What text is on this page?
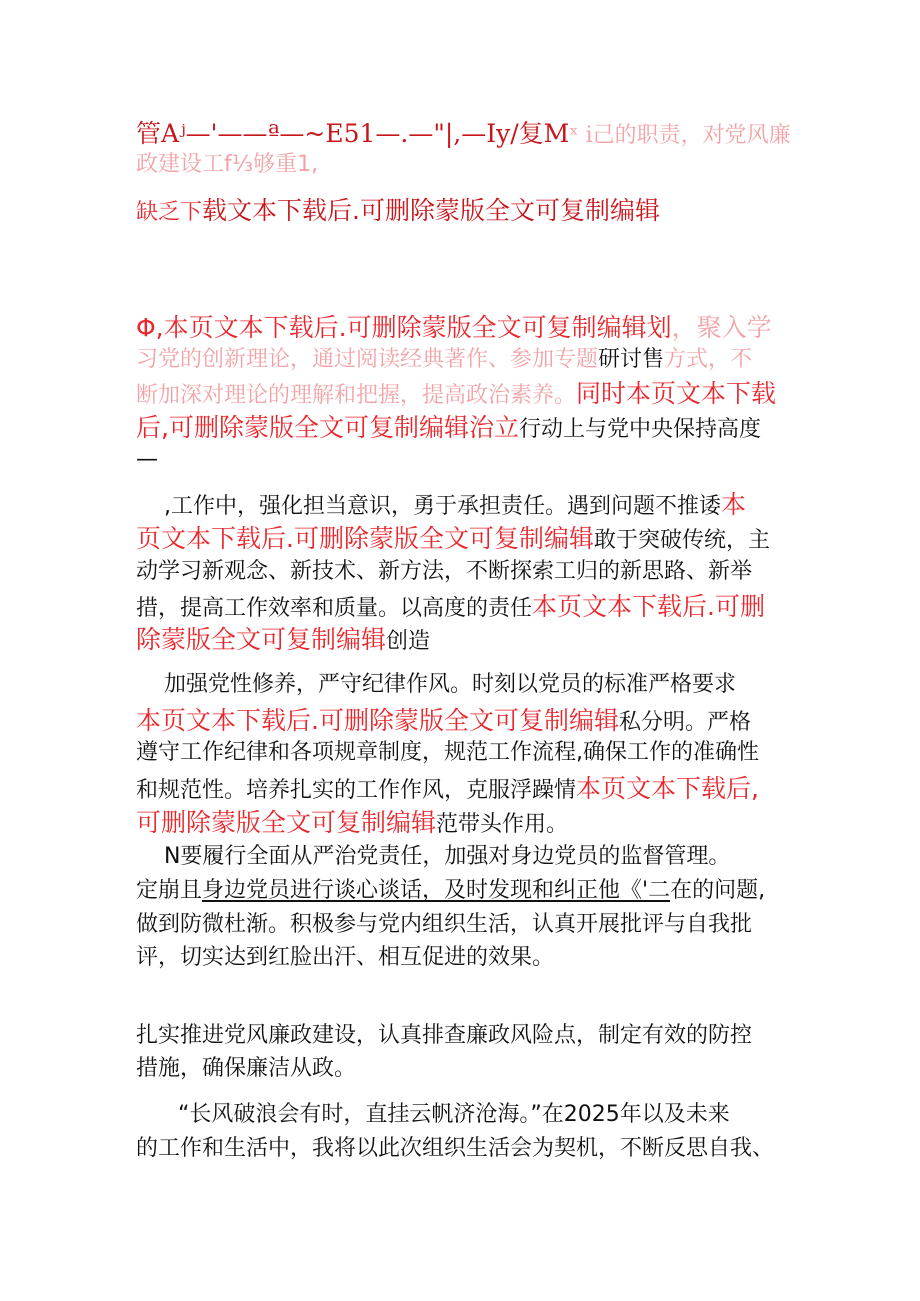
管Aʲ—'——ª—~E51—.—"|,—Iy/复Mˣ i己的职责，对党风廉
政建设工f⅓够重1,
缺乏下载文本下载后.可删除蒙版全文可复制编辑
Φ,本页文本下载后.可删除蒙版全文可复制编辑划，聚入学
习党的创新理论，通过阅读经典著作、参加专题研讨售方式，不
断加深对理论的理解和把握，提高政治素养。同时本页文本下载
后,可删除蒙版全文可复制编辑治立行动上与党中央保持高度
—
,工作中，强化担当意识，勇于承担责任。遇到问题不推诿本
页文本下载后.可删除蒙版全文可复制编辑敢于突破传统，主
动学习新观念、新技术、新方法，不断探索工归的新思路、新举
措，提高工作效率和质量。以高度的责任本页文本下载后.可删
除蒙版全文可复制编辑创造
加强党性修养，严守纪律作风。时刻以党员的标准严格要求
本页文本下载后.可删除蒙版全文可复制编辑私分明。严格
遵守工作纪律和各项规章制度，规范工作流程,确保工作的准确性
和规范性。培养扎实的工作作风，克服浮躁情本页文本下载后,
可删除蒙版全文可复制编辑范带头作用。
N要履行全面从严治党责任，加强对身边党员的监督管理。
定崩且身边党员进行谈心谈话，及时发现和纠正他《'二在的问题,
做到防微杜渐。积极参与党内组织生活，认真开展批评与自我批
评，切实达到红脸出汗、相互促进的效果。
扎实推进党风廉政建设，认真排查廉政风险点，制定有效的防控
措施，确保廉洁从政。
“长风破浪会有时，直挂云帆济沧海。”在2025年以及未来
的工作和生活中，我将以此次组织生活会为契机，不断反思自我、
